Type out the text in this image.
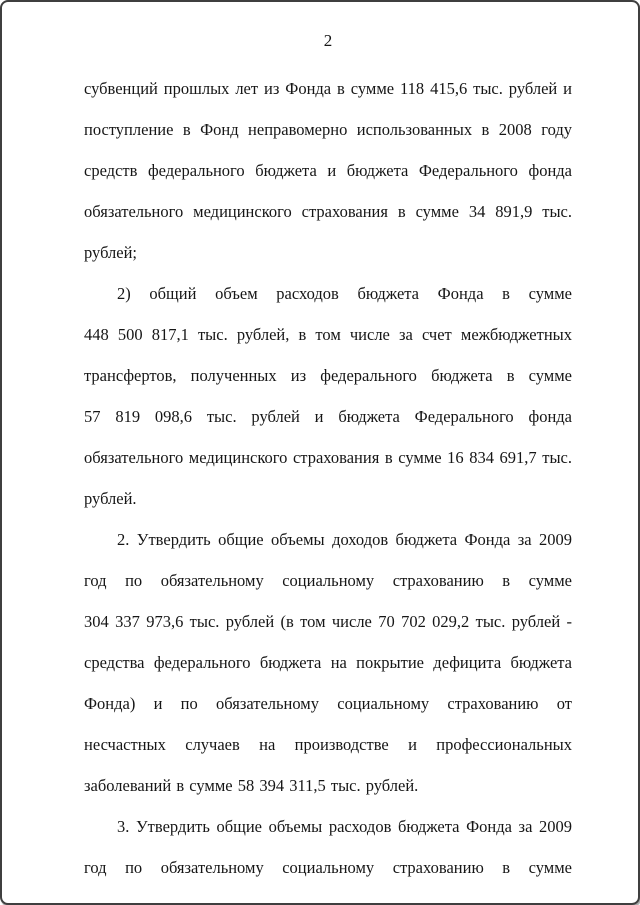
2

субвенций прошлых лет из Фонда в сумме 118 415,6 тыс. рублей и поступление в Фонд неправомерно использованных в 2008 году средств федерального бюджета и бюджета Федерального фонда обязательного медицинского страхования в сумме 34 891,9 тыс. рублей;

2) общий объем расходов бюджета Фонда в сумме 448 500 817,1 тыс. рублей, в том числе за счет межбюджетных трансфертов, полученных из федерального бюджета в сумме 57 819 098,6 тыс. рублей и бюджета Федерального фонда обязательного медицинского страхования в сумме 16 834 691,7 тыс. рублей.

2. Утвердить общие объемы доходов бюджета Фонда за 2009 год по обязательному социальному страхованию в сумме 304 337 973,6 тыс. рублей (в том числе 70 702 029,2 тыс. рублей - средства федерального бюджета на покрытие дефицита бюджета Фонда) и по обязательному социальному страхованию от несчастных случаев на производстве и профессиональных заболеваний в сумме 58 394 311,5 тыс. рублей.

3. Утвердить общие объемы расходов бюджета Фонда за 2009 год по обязательному социальному страхованию в сумме
